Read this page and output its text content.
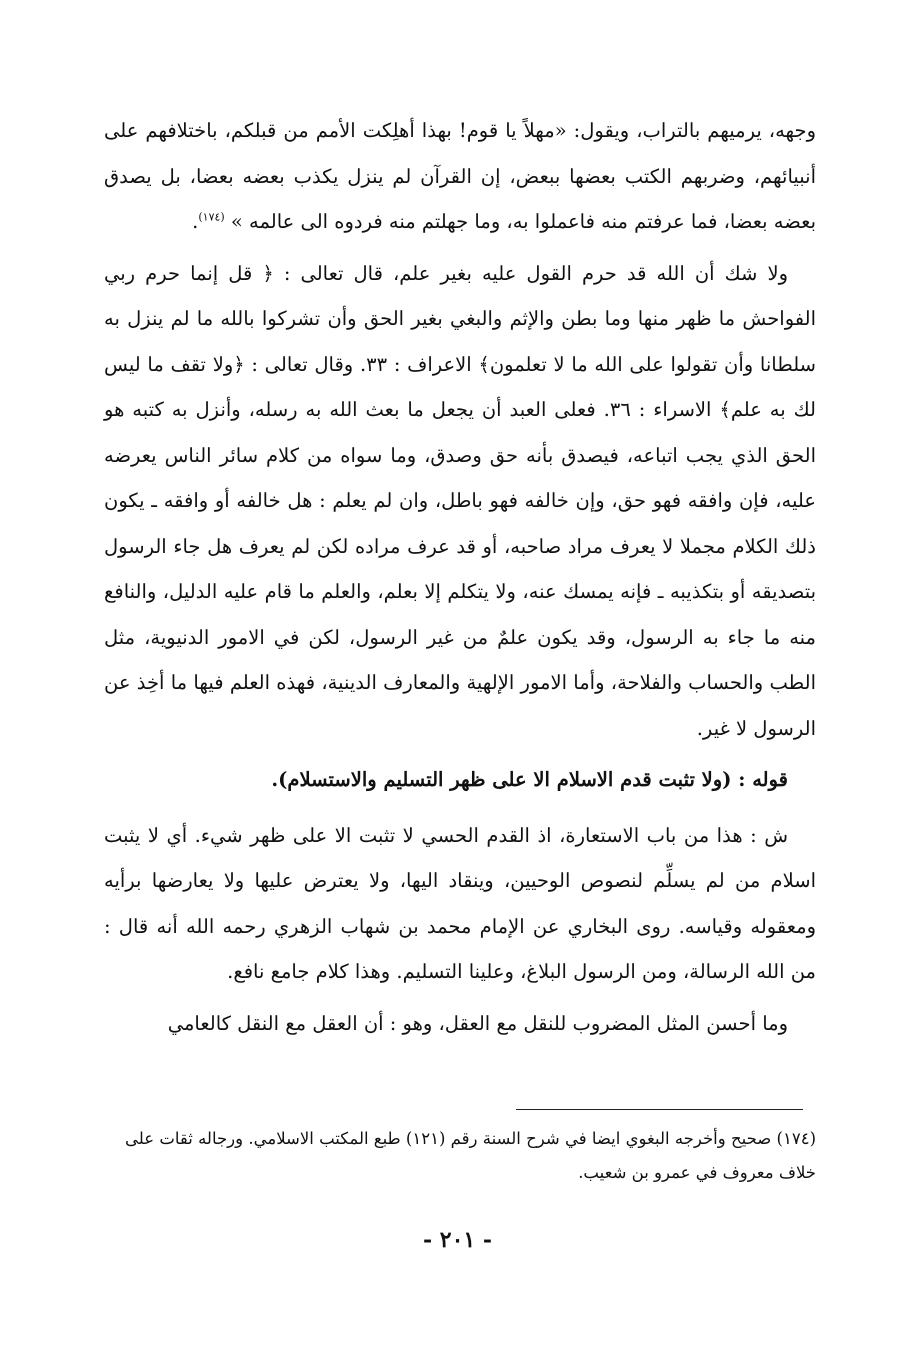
وجهه، يرميهم بالتراب، ويقول: «مهلاً يا قوم! بهذا أهلِكت الأمم من قبلكم، باختلافهم على أنبيائهم، وضربهم الكتب بعضها ببعض، إن القرآن لم ينزل يكذب بعضه بعضا، بل يصدق بعضه بعضا، فما عرفتم منه فاعملوا به، وما جهلتم منه فردوه الى عالمه » $^{(١٧٤)}$.

ولا شك أن الله قد حرم القول عليه بغير علم، قال تعالى : ﴿ قل إنما حرم ربي الفواحش ما ظهر منها وما بطن والإثم والبغي بغير الحق وأن تشركوا بالله ما لم ينزل به سلطانا وأن تقولوا على الله ما لا تعلمون﴾ الاعراف : ٣٣. وقال تعالى : ﴿ولا تقف ما ليس لك به علم﴾ الاسراء : ٣٦. فعلى العبد أن يجعل ما بعث الله به رسله، وأنزل به كتبه هو الحق الذي يجب اتباعه، فيصدق بأنه حق وصدق، وما سواه من كلام سائر الناس يعرضه عليه، فإن وافقه فهو حق، وإن خالفه فهو باطل، وان لم يعلم : هل خالفه أو وافقه ـ يكون ذلك الكلام مجملا لا يعرف مراد صاحبه، أو قد عرف مراده لكن لم يعرف هل جاء الرسول بتصديقه أو بتكذيبه ـ فإنه يمسك عنه، ولا يتكلم إلا بعلم، والعلم ما قام عليه الدليل، والنافع منه ما جاء به الرسول، وقد يكون علمٌ من غير الرسول، لكن في الامور الدنيوية، مثل الطب والحساب والفلاحة، وأما الامور الإلهية والمعارف الدينية، فهذه العلم فيها ما أخِذ عن الرسول لا غير.

قوله : (ولا تثبت قدم الاسلام الا على ظهر التسليم والاستسلام).

ش : هذا من باب الاستعارة، اذ القدم الحسي لا تثبت الا على ظهر شيء. أي لا يثبت اسلام من لم يسلِّم لنصوص الوحيين، وينقاد اليها، ولا يعترض عليها ولا يعارضها برأيه ومعقوله وقياسه. روى البخاري عن الإمام محمد بن شهاب الزهري رحمه الله أنه قال : من الله الرسالة، ومن الرسول البلاغ، وعلينا التسليم. وهذا كلام جامع نافع.

وما أحسن المثل المضروب للنقل مع العقل، وهو : أن العقل مع النقل كالعامي

(١٧٤) صحيح وأخرجه البغوي ايضا في شرح السنة رقم (١٢١) طبع المكتب الاسلامي. ورجاله ثقات على خلاف معروف في عمرو بن شعيب.

- ٢٠١ -
